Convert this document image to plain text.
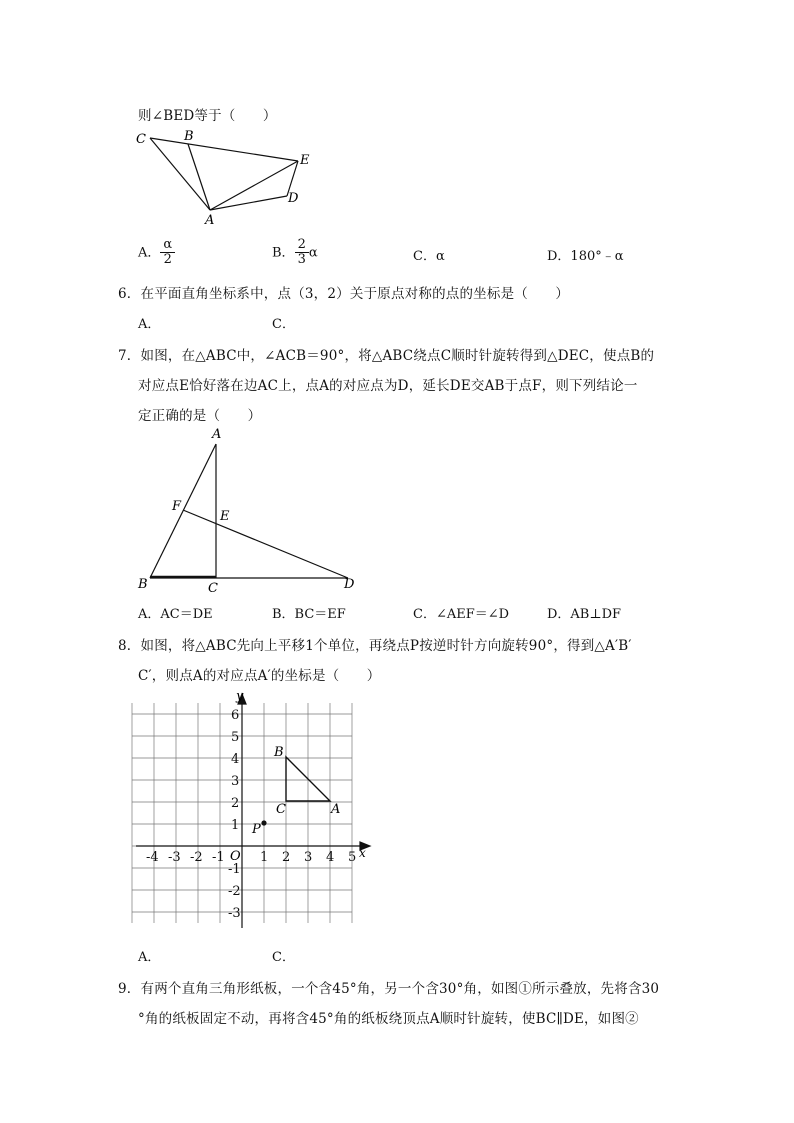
则∠BED等于（　　）
C	B
E
D
A
A． $\frac{\alpha}{2}$	B． $\frac{2}{3}$ α	C．α	D．180°﹣α
6．在平面直角坐标系中，点（3，2）关于原点对称的点的坐标是（　　）
A．	C．
7．如图，在△ABC中，∠ACB＝90°，将△ABC绕点C顺时针旋转得到△DEC，使点B的
对应点E恰好落在边AC上，点A的对应点为D，延长DE交AB于点F，则下列结论一
定正确的是（　　）
A
F
E
B	C	D
A．AC＝DE	B．BC＝EF	C．∠AEF＝∠D	D．AB⊥DF
8．如图，将△ABC先向上平移1个单位，再绕点P按逆时针方向旋转90°，得到△A′B′
C′，则点A的对应点A′的坐标是（　　）
-4 -3 -2 -1	1 2 3 4 5
6
5
4
3
2
1
-1
-2
-3
y
x
O
B
C	A
P
A．	C．
9．有两个直角三角形纸板，一个含45°角，另一个含30°角，如图①所示叠放，先将含30
°角的纸板固定不动，再将含45°角的纸板绕顶点A顺时针旋转，使BC∥DE，如图②
